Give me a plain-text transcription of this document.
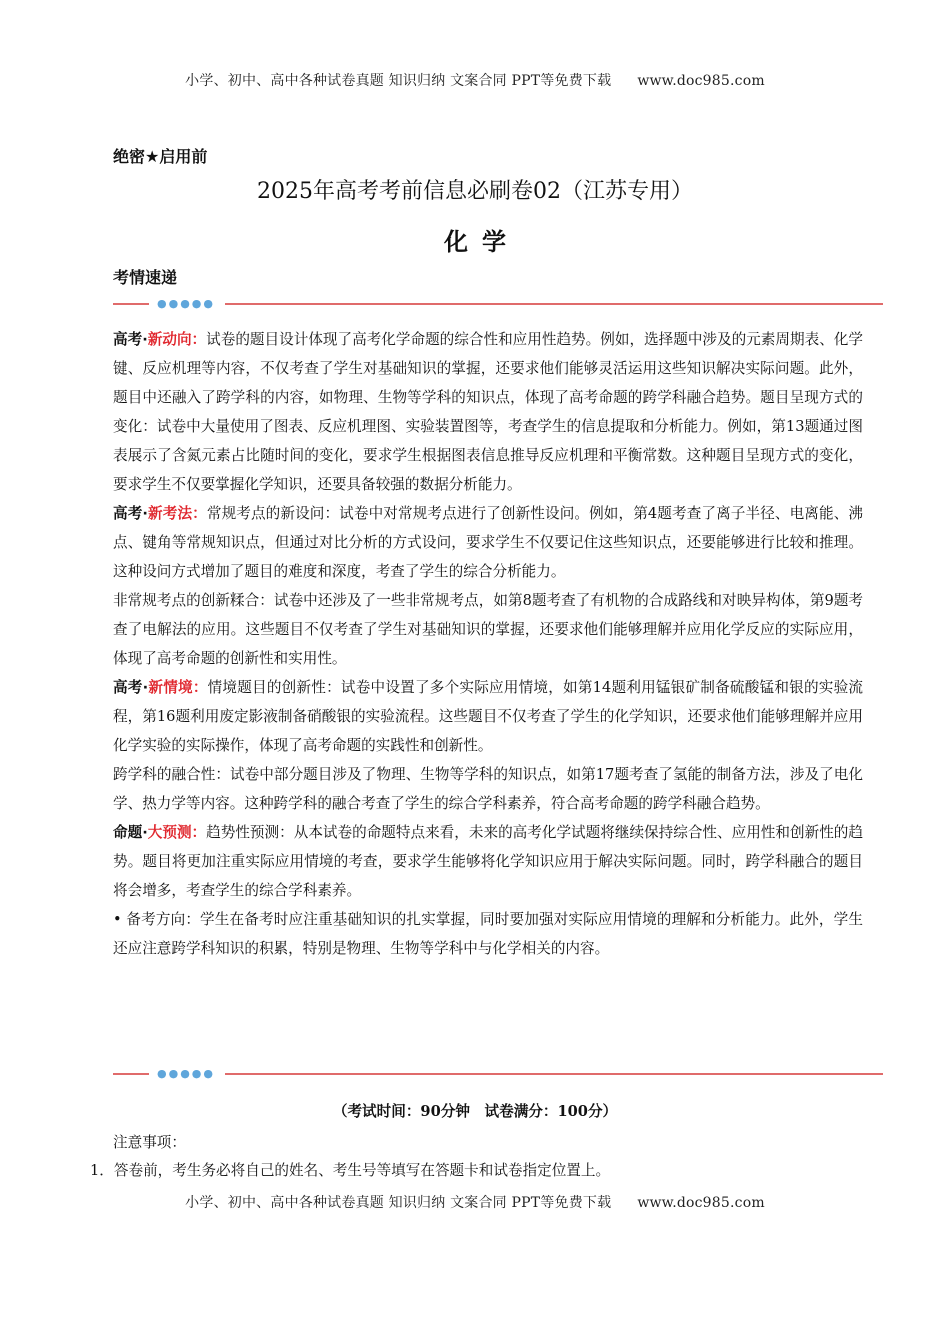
小学、初中、高中各种试卷真题 知识归纳 文案合同 PPT等免费下载 www.doc985.com
绝密★启用前
2025年高考考前信息必刷卷02（江苏专用）
化学
考情速递
●●●●●

高考·新动向：试卷的题目设计体现了高考化学命题的综合性和应用性趋势。例如，选择题中涉及的元素周期表、化学键、反应机理等内容，不仅考查了学生对基础知识的掌握，还要求他们能够灵活运用这些知识解决实际问题。此外，题目中还融入了跨学科的内容，如物理、生物等学科的知识点，体现了高考命题的跨学科融合趋势。题目呈现方式的变化：试卷中大量使用了图表、反应机理图、实验装置图等，考查学生的信息提取和分析能力。例如，第13题通过图表展示了含氮元素占比随时间的变化，要求学生根据图表信息推导反应机理和平衡常数。这种题目呈现方式的变化，要求学生不仅要掌握化学知识，还要具备较强的数据分析能力。

高考·新考法：常规考点的新设问：试卷中对常规考点进行了创新性设问。例如，第4题考查了离子半径、电离能、沸点、键角等常规知识点，但通过对比分析的方式设问，要求学生不仅要记住这些知识点，还要能够进行比较和推理。这种设问方式增加了题目的难度和深度，考查了学生的综合分析能力。

非常规考点的创新糅合：试卷中还涉及了一些非常规考点，如第8题考查了有机物的合成路线和对映异构体，第9题考查了电解法的应用。这些题目不仅考查了学生对基础知识的掌握，还要求他们能够理解并应用化学反应的实际应用，体现了高考命题的创新性和实用性。

高考·新情境：情境题目的创新性：试卷中设置了多个实际应用情境，如第14题利用锰银矿制备硫酸锰和银的实验流程，第16题利用废定影液制备硝酸银的实验流程。这些题目不仅考查了学生的化学知识，还要求他们能够理解并应用化学实验的实际操作，体现了高考命题的实践性和创新性。

跨学科的融合性：试卷中部分题目涉及了物理、生物等学科的知识点，如第17题考查了氢能的制备方法，涉及了电化学、热力学等内容。这种跨学科的融合考查了学生的综合学科素养，符合高考命题的跨学科融合趋势。

命题·大预测：趋势性预测：从本试卷的命题特点来看，未来的高考化学试题将继续保持综合性、应用性和创新性的趋势。题目将更加注重实际应用情境的考查，要求学生能够将化学知识应用于解决实际问题。同时，跨学科融合的题目将会增多，考查学生的综合学科素养。

• 备考方向：学生在备考时应注重基础知识的扎实掌握，同时要加强对实际应用情境的理解和分析能力。此外，学生还应注意跨学科知识的积累，特别是物理、生物等学科中与化学相关的内容。

●●●●●
（考试时间：90分钟　试卷满分：100分）
注意事项：
1．答卷前，考生务必将自己的姓名、考生号等填写在答题卡和试卷指定位置上。
小学、初中、高中各种试卷真题 知识归纳 文案合同 PPT等免费下载 www.doc985.com
